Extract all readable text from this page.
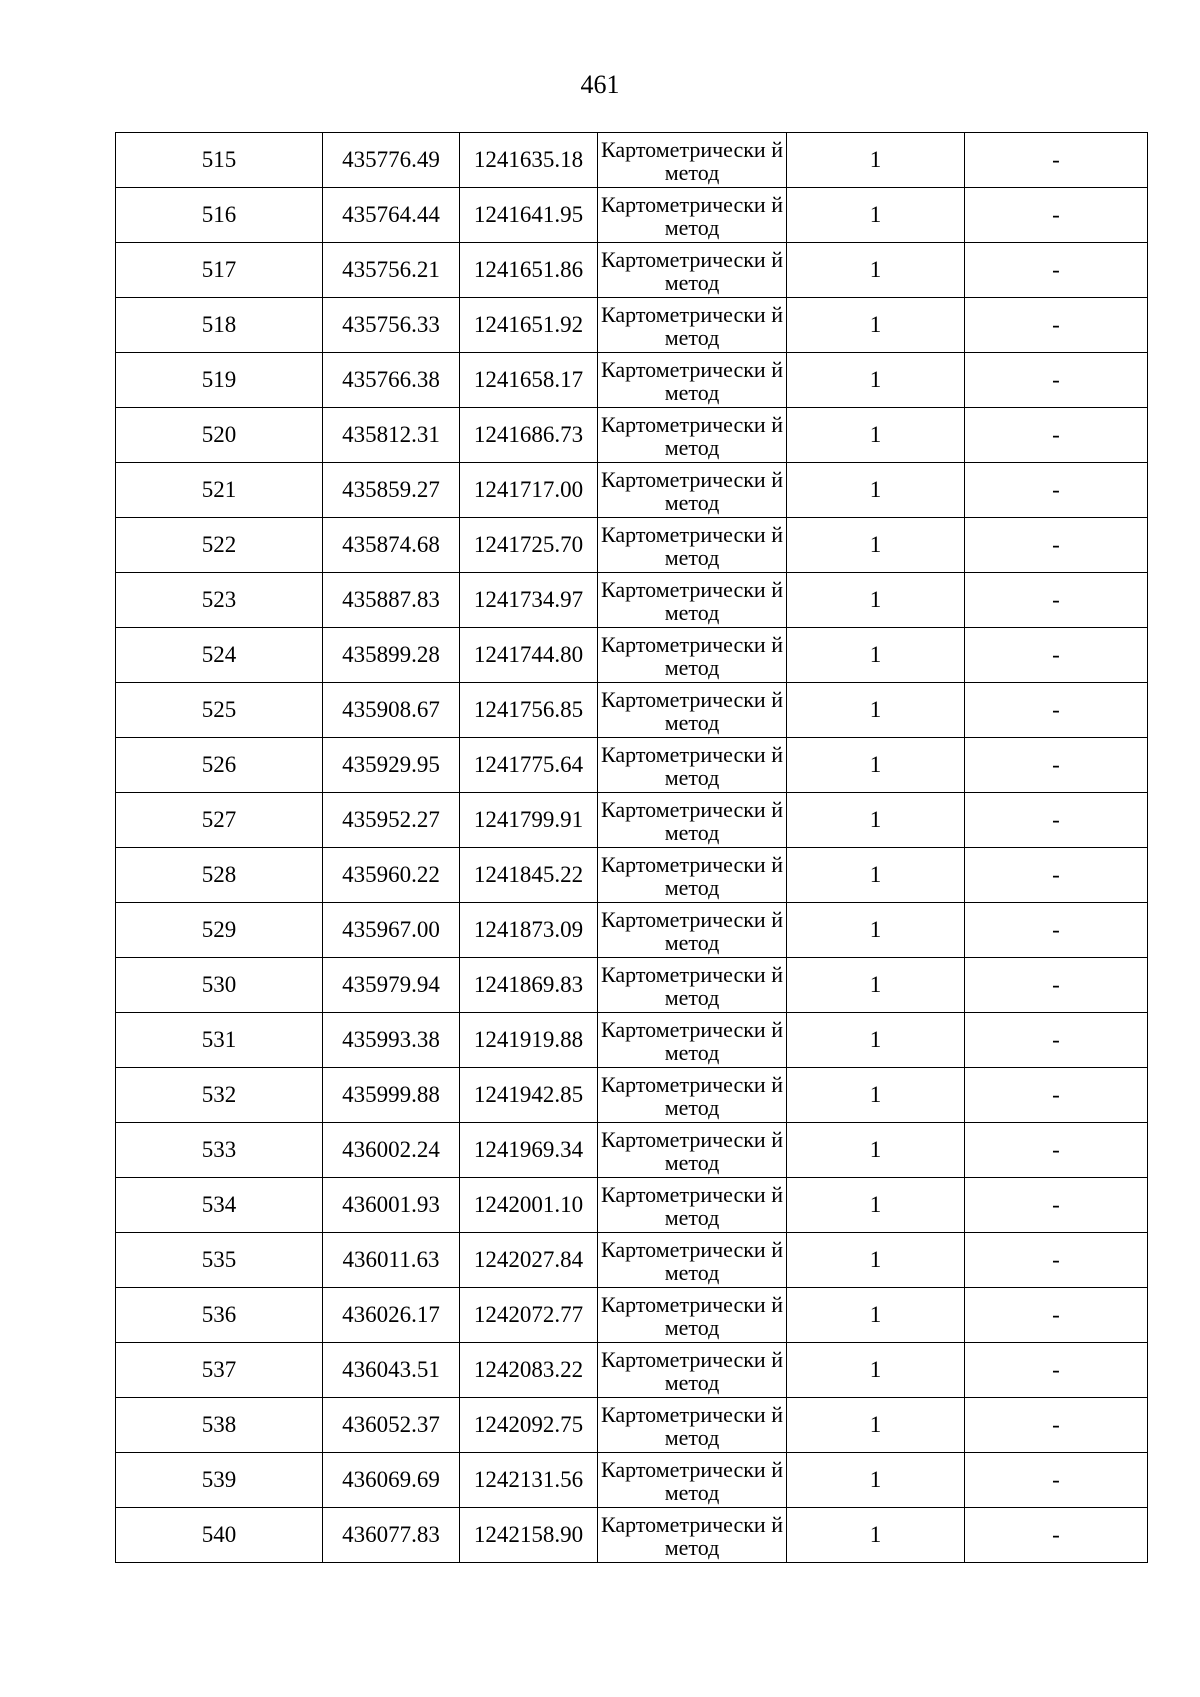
461
515	435776.49	1241635.18	Картометрически й метод	1	-
516	435764.44	1241641.95	Картометрически й метод	1	-
517	435756.21	1241651.86	Картометрически й метод	1	-
518	435756.33	1241651.92	Картометрически й метод	1	-
519	435766.38	1241658.17	Картометрически й метод	1	-
520	435812.31	1241686.73	Картометрически й метод	1	-
521	435859.27	1241717.00	Картометрически й метод	1	-
522	435874.68	1241725.70	Картометрически й метод	1	-
523	435887.83	1241734.97	Картометрически й метод	1	-
524	435899.28	1241744.80	Картометрически й метод	1	-
525	435908.67	1241756.85	Картометрически й метод	1	-
526	435929.95	1241775.64	Картометрически й метод	1	-
527	435952.27	1241799.91	Картометрически й метод	1	-
528	435960.22	1241845.22	Картометрически й метод	1	-
529	435967.00	1241873.09	Картометрически й метод	1	-
530	435979.94	1241869.83	Картометрически й метод	1	-
531	435993.38	1241919.88	Картометрически й метод	1	-
532	435999.88	1241942.85	Картометрически й метод	1	-
533	436002.24	1241969.34	Картометрически й метод	1	-
534	436001.93	1242001.10	Картометрически й метод	1	-
535	436011.63	1242027.84	Картометрически й метод	1	-
536	436026.17	1242072.77	Картометрически й метод	1	-
537	436043.51	1242083.22	Картометрически й метод	1	-
538	436052.37	1242092.75	Картометрически й метод	1	-
539	436069.69	1242131.56	Картометрически й метод	1	-
540	436077.83	1242158.90	Картометрически й метод	1	-
